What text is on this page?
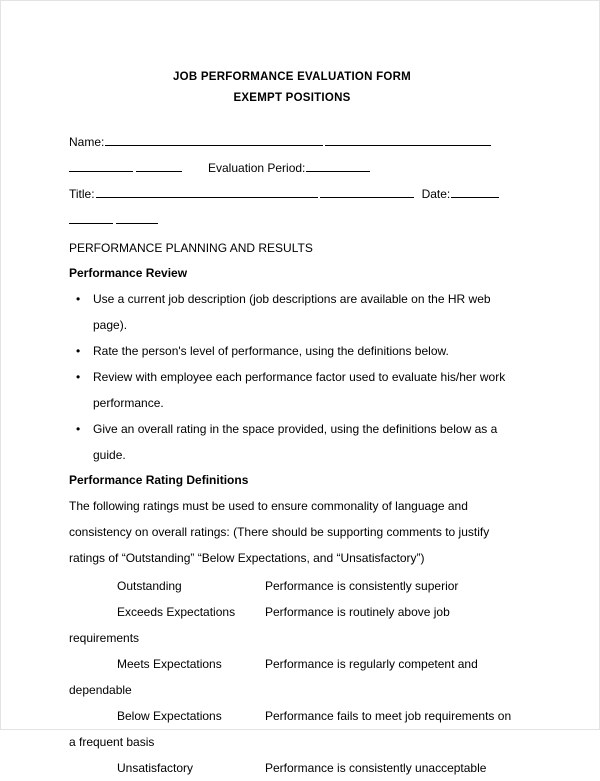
JOB PERFORMANCE EVALUATION FORM
EXEMPT POSITIONS
Name:
Evaluation Period:
Title:	Date:
PERFORMANCE PLANNING AND RESULTS
Performance Review
• Use a current job description (job descriptions are available on the HR web page).
• Rate the person's level of performance, using the definitions below.
• Review with employee each performance factor used to evaluate his/her work performance.
• Give an overall rating in the space provided, using the definitions below as a guide.
Performance Rating Definitions

The following ratings must be used to ensure commonality of language and consistency on overall ratings: (There should be supporting comments to justify ratings of “Outstanding” “Below Expectations, and “Unsatisfactory”)

Outstanding	Performance is consistently superior
Exceeds Expectations Performance is routinely above job
requirements
Meets Expectations	Performance is regularly competent and
dependable
Below Expectations	Performance fails to meet job requirements on
a frequent basis
Unsatisfactory	Performance is consistently unacceptable
